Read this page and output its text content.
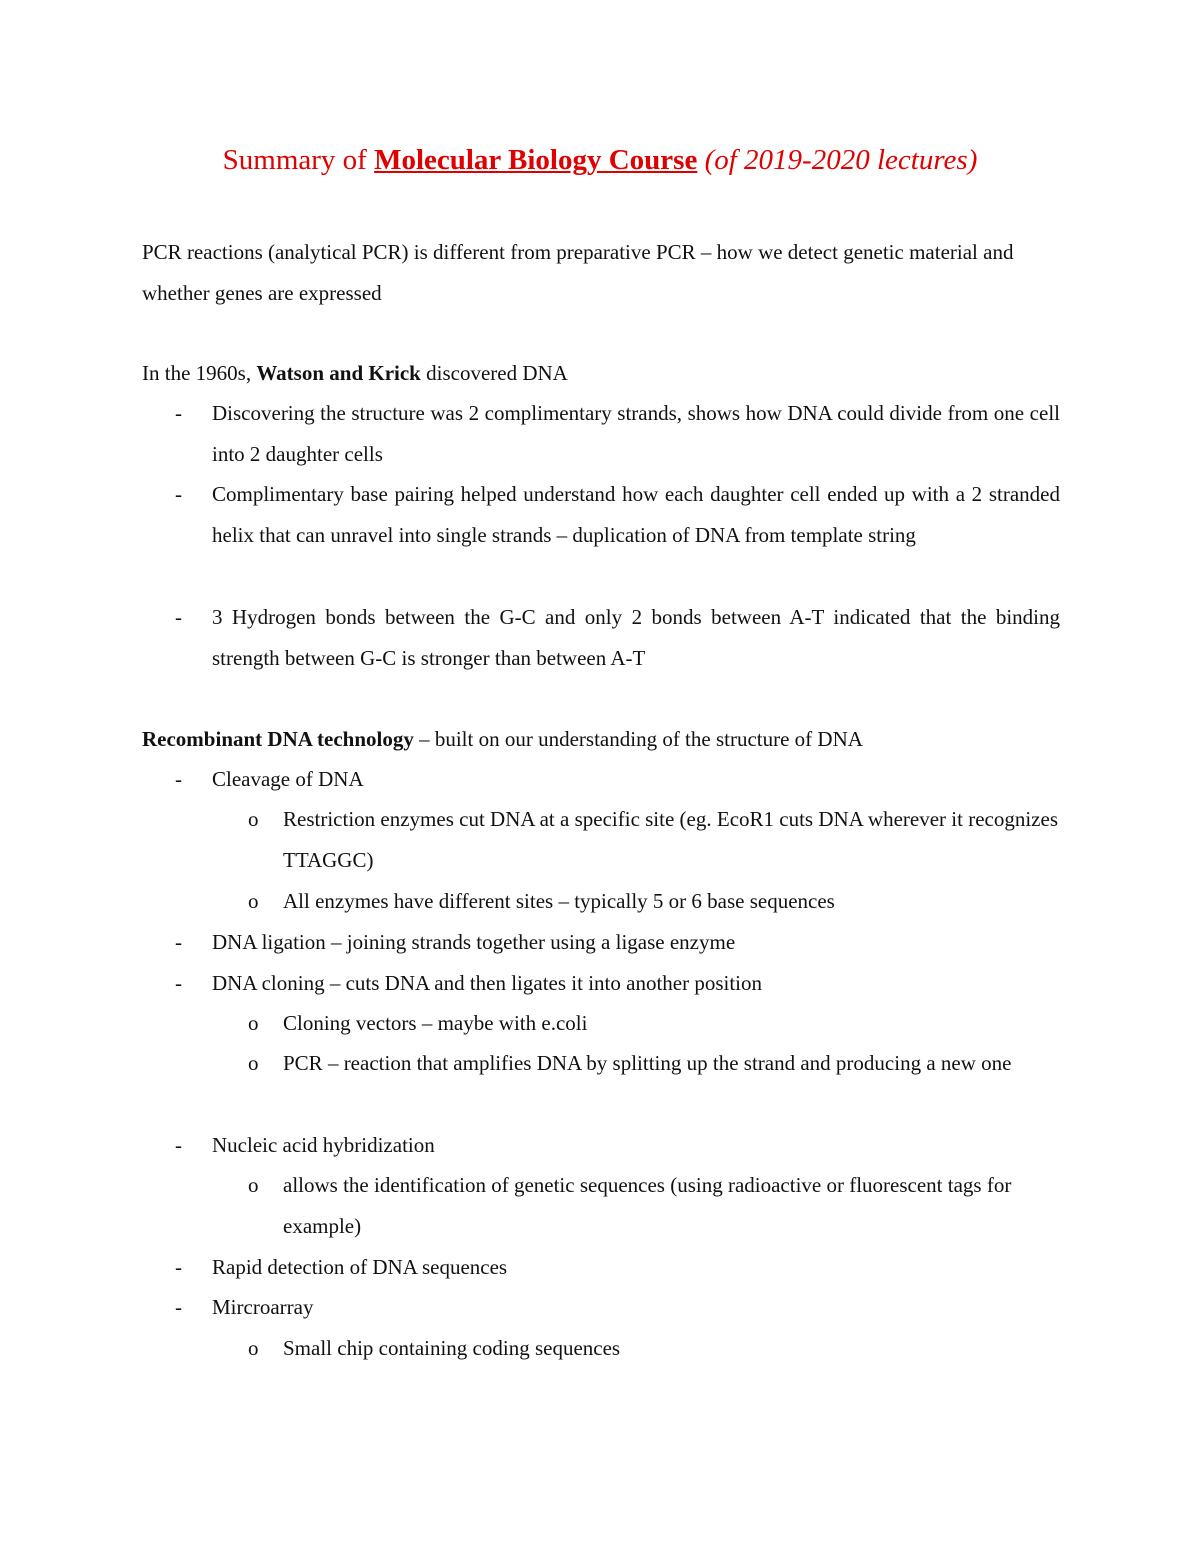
Summary of Molecular Biology Course (of 2019-2020 lectures)
PCR reactions (analytical PCR) is different from preparative PCR – how we detect genetic material and whether genes are expressed
In the 1960s, Watson and Krick discovered DNA
-	Discovering the structure was 2 complimentary strands, shows how DNA could divide from one cell into 2 daughter cells
-	Complimentary base pairing helped understand how each daughter cell ended up with a 2 stranded helix that can unravel into single strands – duplication of DNA from template string
-	3 Hydrogen bonds between the G-C and only 2 bonds between A-T indicated that the binding strength between G-C is stronger than between A-T
Recombinant DNA technology – built on our understanding of the structure of DNA
-	Cleavage of DNA
o	Restriction enzymes cut DNA at a specific site (eg. EcoR1 cuts DNA wherever it recognizes TTAGGC)
o	All enzymes have different sites – typically 5 or 6 base sequences
-	DNA ligation – joining strands together using a ligase enzyme
-	DNA cloning – cuts DNA and then ligates it into another position
o	Cloning vectors – maybe with e.coli
o	PCR – reaction that amplifies DNA by splitting up the strand and producing a new one
-	Nucleic acid hybridization
o	allows the identification of genetic sequences (using radioactive or fluorescent tags for example)
-	Rapid detection of DNA sequences
-	Mircroarray
o	Small chip containing coding sequences
